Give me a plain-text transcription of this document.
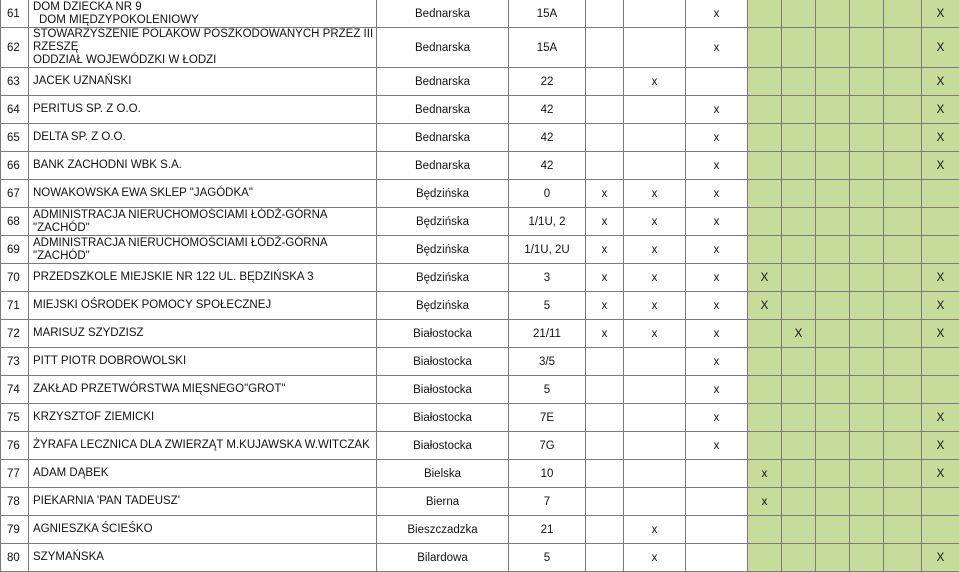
61	DOM DZIECKA NR 9
DOM MIĘDZYPOKOLENIOWY	Bednarska	15A			x						X
62	STOWARZYSZENIE POLAKÓW POSZKODOWANYCH PRZEZ III RZESZĘ
ODDZIAŁ WOJEWÓDZKI W ŁODZI	Bednarska	15A			x						X
63	JACEK UZNAŃSKI	Bednarska	22		x							X
64	PERITUS SP. Z O.O.	Bednarska	42			x						X
65	DELTA SP. Z O.O.	Bednarska	42			x						X
66	BANK ZACHODNI WBK S.A.	Bednarska	42			x						X
67	NOWAKOWSKA EWA SKLEP "JAGÓDKA"	Będzińska	0	x	x	x						
68	ADMINISTRACJA NIERUCHOMOŚCIAMI ŁÓDŹ-GÓRNA "ZACHÓD"	Będzińska	1/1U, 2	x	x	x						
69	ADMINISTRACJA NIERUCHOMOŚCIAMI ŁÓDŹ-GÓRNA "ZACHÓD"	Będzińska	1/1U, 2U	x	x	x						
70	PRZEDSZKOLE MIEJSKIE NR 122 UL. BĘDZIŃSKA 3	Będzińska	3	x	x	x	X					X
71	MIEJSKI OŚRODEK POMOCY SPOŁECZNEJ	Będzińska	5	x	x	x	X					X
72	MARISUZ SZYDZISZ	Białostocka	21/11	x	x	x		X				X
73	PITT PIOTR DOBROWOLSKI	Białostocka	3/5			x						
74	ZAKŁAD PRZETWÓRSTWA MIĘSNEGO"GROT"	Białostocka	5			x						
75	KRZYSZTOF ZIEMICKI	Białostocka	7E			x						X
76	ŻYRAFA LECZNICA DLA ZWIERZĄT M.KUJAWSKA W.WITCZAK	Białostocka	7G			x						X
77	ADAM DĄBEK	Bielska	10				x					X
78	PIEKARNIA 'PAN TADEUSZ'	Bierna	7				x					
79	AGNIESZKA ŚCIEŚKO	Bieszczadzka	21		x							
80	SZYMAŃSKA	Bilardowa	5		x							X
